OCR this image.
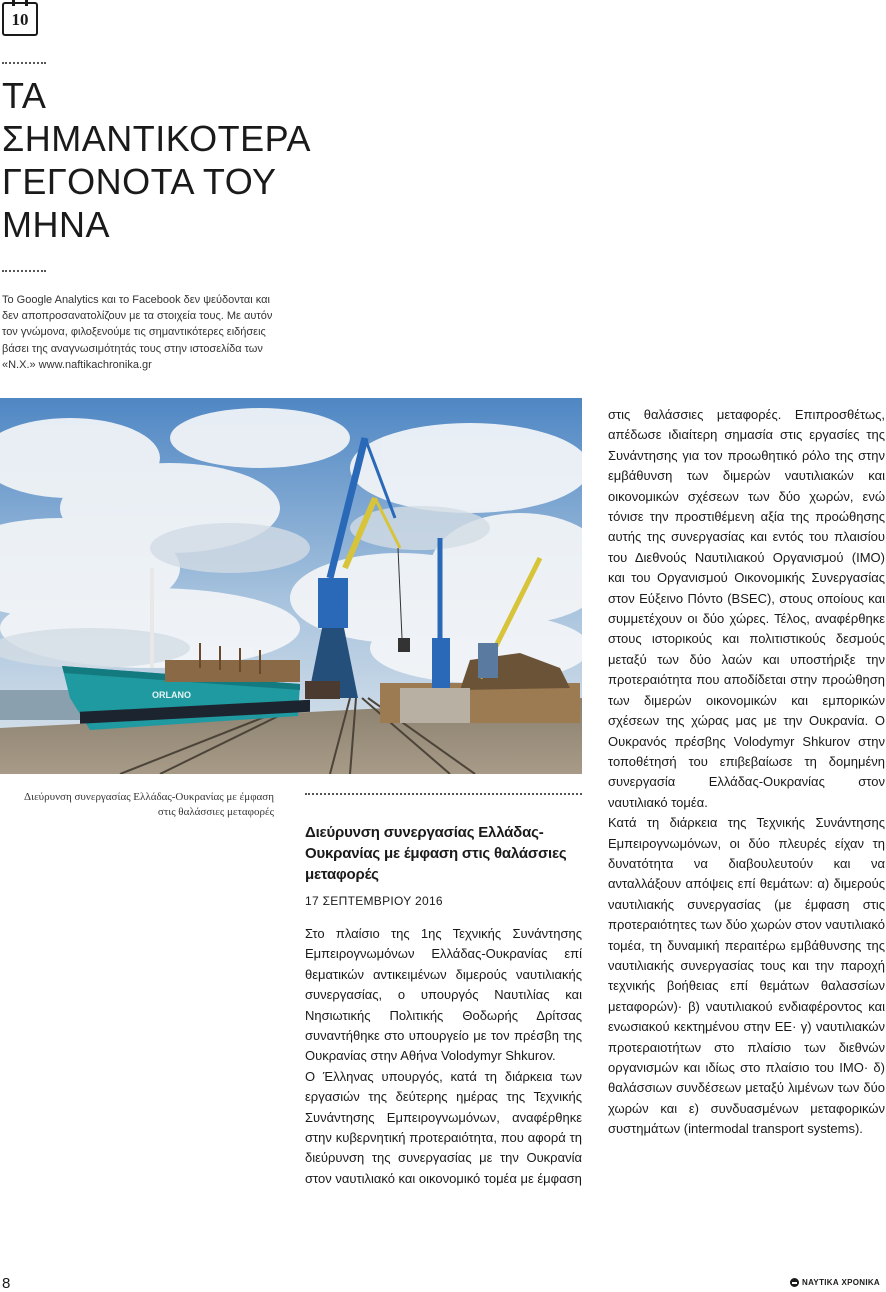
10
ΤΑ
ΣΗΜΑΝΤΙΚΟΤΕΡΑ
ΓΕΓΟΝΟΤΑ ΤΟΥ
ΜΗΝΑ

Το Google Analytics και το Facebook δεν ψεύδονται και δεν αποπροσανατολίζουν με τα στοιχεία τους. Με αυτόν τον γνώμονα, φιλοξενούμε τις σημαντικότερες ειδήσεις βάσει της αναγνωσιμότητάς τους στην ιστοσελίδα των «Ν.Χ.» www.naftikachronika.gr

ORLANO

Διεύρυνση συνεργασίας Ελλάδας-Ουκρανίας με έμφαση στις θαλάσσιες μεταφορές

Διεύρυνση συνεργασίας Ελλάδας-Ουκρανίας με έμφαση στις θαλάσσιες μεταφορές
17 ΣΕΠΤΕΜΒΡΙΟΥ 2016

Στο πλαίσιο της 1ης Τεχνικής Συνάντησης Εμπειρογνωμόνων Ελλάδας-Ουκρανίας επί θεματικών αντικειμένων διμερούς ναυτιλιακής συνεργασίας, ο υπουργός Ναυτιλίας και Νησιωτικής Πολιτικής Θοδωρής Δρίτσας συναντήθηκε στο υπουργείο με τον πρέσβη της Ουκρανίας στην Αθήνα Volodymyr Shkurov.

Ο Έλληνας υπουργός, κατά τη διάρκεια των εργασιών της δεύτερης ημέρας της Τεχνικής Συνάντησης Εμπειρογνωμόνων, αναφέρθηκε στην κυβερνητική προτεραιότητα, που αφορά τη διεύρυνση της συνεργασίας με την Ουκρανία στον ναυτιλιακό και οικονομικό τομέα με έμφαση

στις θαλάσσιες μεταφορές. Επιπροσθέτως, απέδωσε ιδιαίτερη σημασία στις εργασίες της Συνάντησης για τον προωθητικό ρόλο της στην εμβάθυνση των διμερών ναυτιλιακών και οικονομικών σχέσεων των δύο χωρών, ενώ τόνισε την προστιθέμενη αξία της προώθησης αυτής της συνεργασίας και εντός του πλαισίου του Διεθνούς Ναυτιλιακού Οργανισμού (IMO) και του Οργανισμού Οικονομικής Συνεργασίας στον Εύξεινο Πόντο (BSEC), στους οποίους και συμμετέχουν οι δύο χώρες. Τέλος, αναφέρθηκε στους ιστορικούς και πολιτιστικούς δεσμούς μεταξύ των δύο λαών και υποστήριξε την προτεραιότητα που αποδίδεται στην προώθηση των διμερών οικονομικών και εμπορικών σχέσεων της χώρας μας με την Ουκρανία. Ο Ουκρανός πρέσβης Volodymyr Shkurov στην τοποθέτησή του επιβεβαίωσε τη δομημένη συνεργασία Ελλάδας-Ουκρανίας στον ναυτιλιακό τομέα.

Κατά τη διάρκεια της Τεχνικής Συνάντησης Εμπειρογνωμόνων, οι δύο πλευρές είχαν τη δυνατότητα να διαβουλευτούν και να ανταλλάξουν απόψεις επί θεμάτων: α) διμερούς ναυτιλιακής συνεργασίας (με έμφαση στις προτεραιότητες των δύο χωρών στον ναυτιλιακό τομέα, τη δυναμική περαιτέρω εμβάθυνσης της ναυτιλιακής συνεργασίας τους και την παροχή τεχνικής βοήθειας επί θεμάτων θαλασσίων μεταφορών)· β) ναυτιλιακού ενδιαφέροντος και ενωσιακού κεκτημένου στην ΕΕ· γ) ναυτιλιακών προτεραιοτήτων στο πλαίσιο των διεθνών οργανισμών και ιδίως στο πλαίσιο του IMO· δ) θαλάσσιων συνδέσεων μεταξύ λιμένων των δύο χωρών και ε) συνδυασμένων μεταφορικών συστημάτων (intermodal transport systems).

8	ΝΑΥΤΙΚΑ ΧΡΟΝΙΚΑ
